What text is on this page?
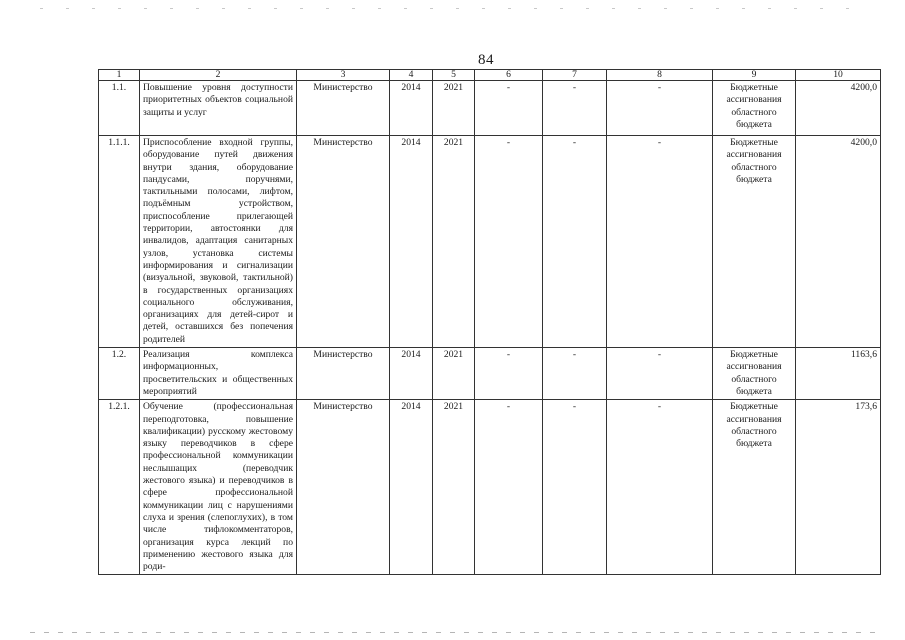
84
1	2	3	4	5	6	7	8	9	10
1.1.	Повышение уровня доступности приоритетных объектов социальной защиты и услуг	Министерство	2014	2021	-	-	-	Бюджетные ассигнования областного бюджета	4200,0
1.1.1.	Приспособление входной группы, оборудование путей движения внутри здания, оборудование пандусами, поручнями, тактильными полосами, лифтом, подъёмным устройством, приспособление прилегающей территории, автостоянки для инвалидов, адаптация санитарных узлов, установка системы информирования и сигнализации (визуальной, звуковой, тактильной) в государственных организациях социального обслуживания, организациях для детей-сирот и детей, оставшихся без попечения родителей	Министерство	2014	2021	-	-	-	Бюджетные ассигнования областного бюджета	4200,0
1.2.	Реализация комплекса информационных, просветительских и общественных мероприятий	Министерство	2014	2021	-	-	-	Бюджетные ассигнования областного бюджета	1163,6
1.2.1.	Обучение (профессиональная переподготовка, повышение квалификации) русскому жестовому языку переводчиков в сфере профессиональной коммуникации неслышащих (переводчик жестового языка) и переводчиков в сфере профессиональной коммуникации лиц с нарушениями слуха и зрения (слепоглухих), в том числе тифлокомментаторов, организация курса лекций по применению жестового языка для роди-	Министерство	2014	2021	-	-	-	Бюджетные ассигнования областного бюджета	173,6
